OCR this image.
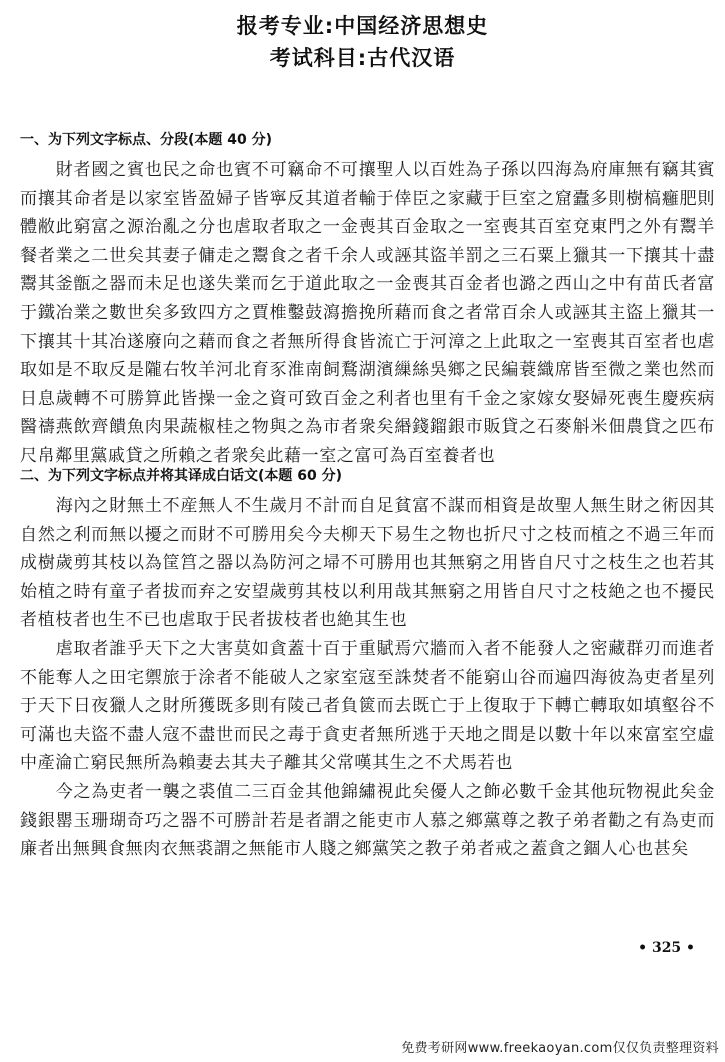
报考专业:中国经济思想史
考试科目:古代汉语
一、为下列文字标点、分段(本题 40 分)

財者國之賓也民之命也賓不可竊命不可攘聖人以百姓為子孫以四海為府庫無有竊其賓而攘其命者是以家室皆盈婦子皆寧反其道者輸于倖臣之家藏于巨室之窟蠹多則樹槁癰肥則體敝此窮富之源治亂之分也虐取者取之一金喪其百金取之一室喪其百室兗東門之外有鬻羊餐者業之二世矣其妻子傭走之鬻食之者千余人或誣其盜羊罰之三石粟上獵其一下攘其十盡鬻其釜甑之器而未足也遂失業而乞于道此取之一金喪其百金者也潞之西山之中有苗氏者富于鐵冶業之數世矣多致四方之賈椎鑿鼓瀉擔挽所藉而食之者常百余人或誣其主盜上獵其一下攘其十其冶遂廢向之藉而食之者無所得食皆流亡于河漳之上此取之一室喪其百室者也虐取如是不取反是隴右牧羊河北育豕淮南飼鶩湖濱繅絲吳鄉之民編蓑織席皆至微之業也然而日息歲轉不可勝算此皆操一金之資可致百金之利者也里有千金之家嫁女娶婦死喪生慶疾病醫禱燕飲齊饋魚肉果蔬椒桂之物與之為市者衆矣緡錢鎦銀市販貸之石麥斛米佃農貸之匹布尺帛鄰里黨戚貸之所賴之者衆矣此藉一室之富可為百室養者也

二、为下列文字标点并将其译成白话文(本题 60 分)

海內之財無土不産無人不生歲月不計而自足貧富不謀而相資是故聖人無生財之術因其自然之利而無以擾之而財不可勝用矣今夫柳天下易生之物也折尺寸之枝而植之不過三年而成樹歲剪其枝以為筐筥之器以為防河之埽不可勝用也其無窮之用皆自尺寸之枝生之也若其始植之時有童子者拔而弃之安望歲剪其枝以利用哉其無窮之用皆自尺寸之枝絶之也不擾民者植枝者也生不已也虐取于民者拔枝者也絶其生也

虐取者誰乎天下之大害莫如貪蓋十百于重賦焉穴牆而入者不能發人之密藏群刃而進者不能奪人之田宅禦旅于涂者不能破人之家室寇至誅焚者不能窮山谷而遍四海彼為吏者星列于天下日夜獵人之財所獲既多則有陵己者負篋而去既亡于上復取于下轉亡轉取如填壑谷不可滿也夫盜不盡人寇不盡世而民之毒于貪吏者無所逃于天地之間是以數十年以來富室空虛中產淪亡窮民無所為賴妻去其夫子離其父常嘆其生之不犬馬若也

今之為吏者一襲之裘值二三百金其他錦繡視此矣優人之飾必數千金其他玩物視此矣金錢銀罌玉珊瑚奇巧之器不可勝計若是者謂之能吏市人慕之鄉黨尊之教子弟者勸之有為吏而廉者出無興食無肉衣無裘謂之無能市人賤之鄉黨笑之教子弟者戒之蓋貪之錮人心也甚矣

• 325 •
免费考研网www.freekaoyan.com仅仅负责整理资料
